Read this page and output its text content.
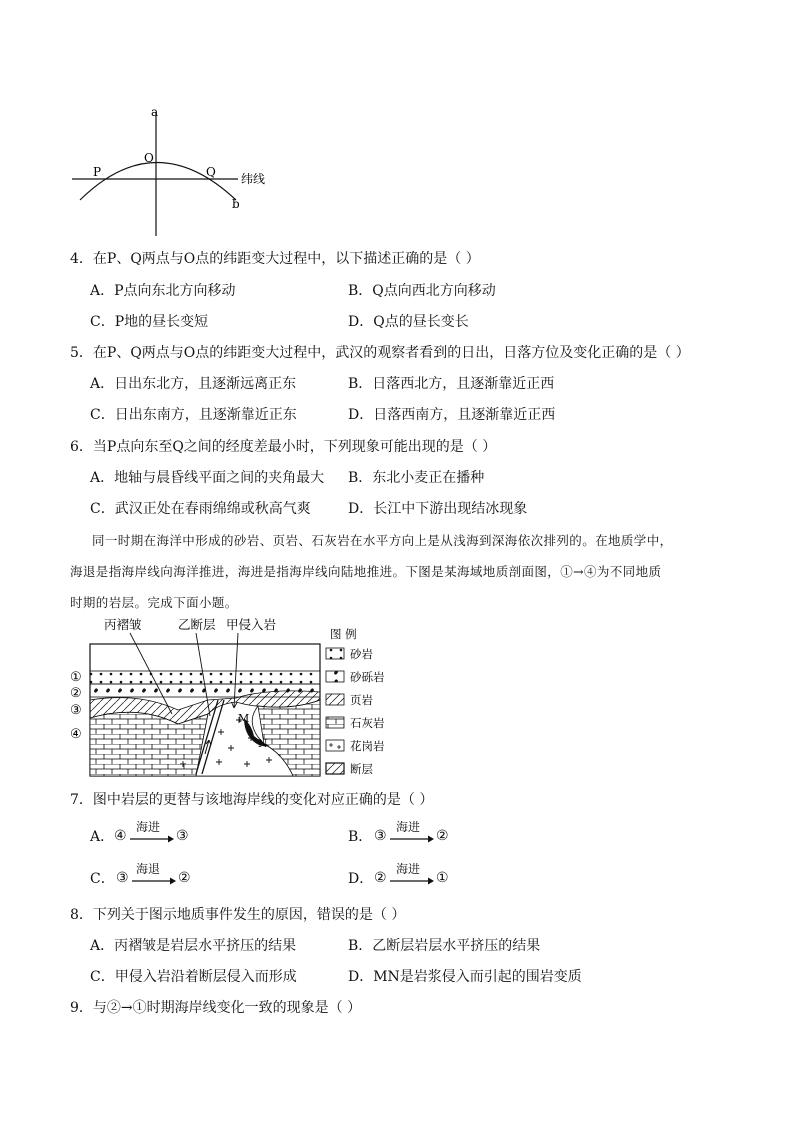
a
O
P	Q 纬线
b
4．在P、Q两点与O点的纬距变大过程中，以下描述正确的是（ ）
A．P点向东北方向移动	B．Q点向西北方向移动
C．P地的昼长变短	D．Q点的昼长变长
5．在P、Q两点与O点的纬距变大过程中，武汉的观察者看到的日出，日落方位及变化正确的是（ ）
A．日出东北方，且逐渐远离正东	B．日落西北方，且逐渐靠近正西
C．日出东南方，且逐渐靠近正东	D．日落西南方，且逐渐靠近正西
6．当P点向东至Q之间的经度差最小时，下列现象可能出现的是（ ）
A．地轴与晨昏线平面之间的夹角最大 B．东北小麦正在播种
C．武汉正处在春雨绵绵或秋高气爽	D．长江中下游出现结冰现象
同一时期在海洋中形成的砂岩、页岩、石灰岩在水平方向上是从浅海到深海依次排列的。在地质学中，
海退是指海岸线向海洋推进，海进是指海岸线向陆地推进。下图是某海域地质剖面图，①→④为不同地质
时期的岩层。完成下面小题。
M
N
丙褶皱	乙断层 甲侵入岩
①
②
③
④
图 例
砂岩
砂砾岩
页岩
石灰岩
花岗岩
断层
7．图中岩层的更替与该地海岸线的变化对应正确的是（ ）
A． ④
海进
③	B． ③
海进
②
C． ③
海退
②	D． ②
海进
①
8．下列关于图示地质事件发生的原因，错误的是（ ）
A．丙褶皱是岩层水平挤压的结果	B．乙断层岩层水平挤压的结果
C．甲侵入岩沿着断层侵入而形成	D．MN是岩浆侵入而引起的围岩变质
9．与②→①时期海岸线变化一致的现象是（ ）
